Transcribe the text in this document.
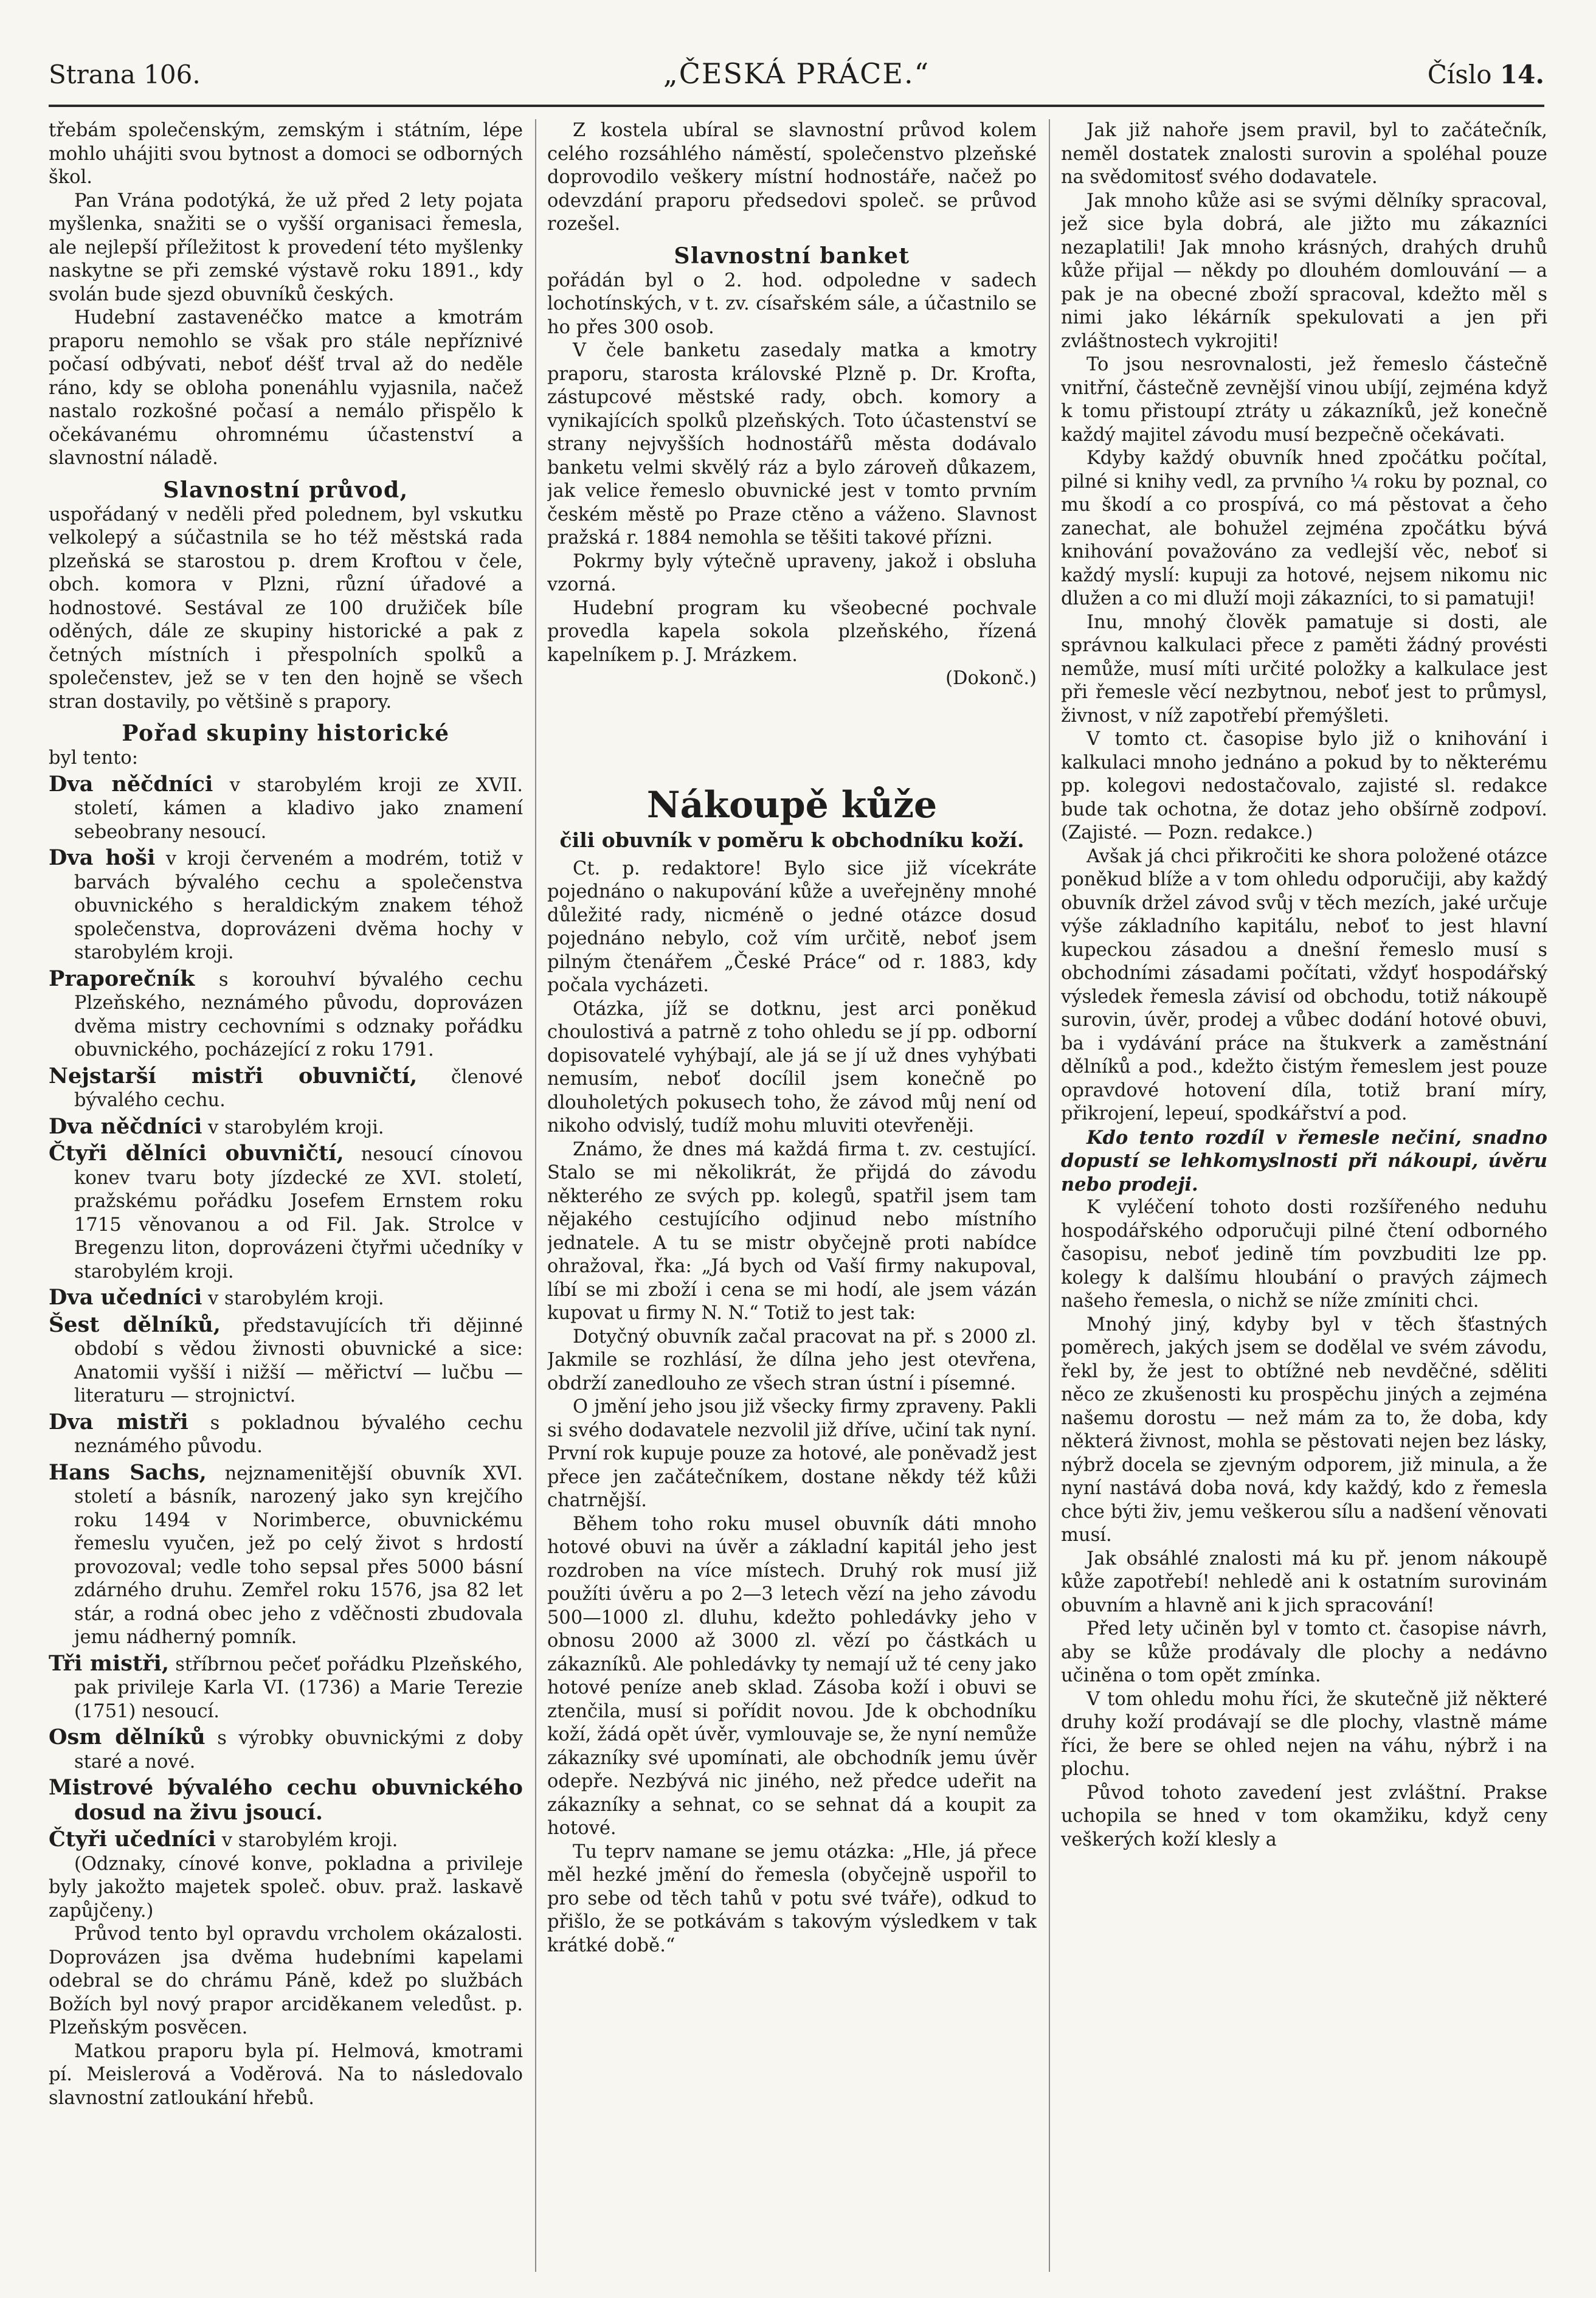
Strana 106.	„ČESKÁ PRÁCE.“	Číslo 14.

třebám společenským, zemským i státním, lépe mohlo uhájiti svou bytnost a domoci se odborných škol.

Pan Vrána podotýká, že už před 2 lety pojata myšlenka, snažiti se o vyšší organisaci řemesla, ale nejlepší příležitost k provedení této myšlenky naskytne se při zemské výstavě roku 1891., kdy svolán bude sjezd obuvníků českých.

Hudební zastavenéčko matce a kmotrám praporu nemohlo se však pro stále nepříznivé počasí odbývati, neboť déšť trval až do neděle ráno, kdy se obloha ponenáhlu vyjasnila, načež nastalo rozkošné počasí a nemálo přispělo k očekávanému ohromnému účastenství a slavnostní náladě.

Slavnostní průvod,

uspořádaný v neděli před polednem, byl vskutku velkolepý a súčastnila se ho též městská rada plzeňská se starostou p. drem Kroftou v čele, obch. komora v Plzni, různí úřadové a hodnostové. Sestával ze 100 družiček bíle oděných, dále ze skupiny historické a pak z četných místních i přespolních spolků a společenstev, jež se v ten den hojně se všech stran dostavily, po většině s prapory.

Pořad skupiny historické

byl tento:

Dva něčdníci v starobylém kroji ze XVII. století, kámen a kladivo jako znamení sebeobrany nesoucí.

Dva hoši v kroji červeném a modrém, totiž v barvách bývalého cechu a společenstva obuvnického s heraldickým znakem téhož společenstva, doprovázeni dvěma hochy v starobylém kroji.

Praporečník s korouhví bývalého cechu Plzeňského, neznámého původu, doprovázen dvěma mistry cechovními s odznaky pořádku obuvnického, pocházející z roku 1791.

Nejstarší mistři obuvničtí, členové bývalého cechu.

Dva něčdníci v starobylém kroji.

Čtyři dělníci obuvničtí, nesoucí cínovou konev tvaru boty jízdecké ze XVI. století, pražskému pořádku Josefem Ernstem roku 1715 věnovanou a od Fil. Jak. Strolce v Bregenzu liton, doprovázeni čtyřmi učedníky v starobylém kroji.

Dva učedníci v starobylém kroji.

Šest dělníků, představujících tři dějinné období s vědou živnosti obuvnické a sice: Anatomii vyšší i nižší — měřictví — lučbu — literaturu — strojnictví.

Dva mistři s pokladnou bývalého cechu neznámého původu.

Hans Sachs, nejznamenitější obuvník XVI. století a básník, narozený jako syn krejčího roku 1494 v Norimberce, obuvnickému řemeslu vyučen, jež po celý život s hrdostí provozoval; vedle toho sepsal přes 5000 básní zdárného druhu. Zemřel roku 1576, jsa 82 let stár, a rodná obec jeho z vděčnosti zbudovala jemu nádherný pomník.

Tři mistři, stříbrnou pečeť pořádku Plzeňského, pak privileje Karla VI. (1736) a Marie Terezie (1751) nesoucí.

Osm dělníků s výrobky obuvnickými z doby staré a nové.

Mistrové bývalého cechu obuvnického dosud na živu jsoucí.

Čtyři učedníci v starobylém kroji.

(Odznaky, cínové konve, pokladna a privileje byly jakožto majetek společ. obuv. praž. laskavě zapůjčeny.)

Průvod tento byl opravdu vrcholem okázalosti. Doprovázen jsa dvěma hudebními kapelami odebral se do chrámu Páně, kdež po službách Božích byl nový prapor arciděkanem veledůst. p. Plzeňským posvěcen.

Matkou praporu byla pí. Helmová, kmotrami pí. Meislerová a Voděrová. Na to následovalo slavnostní zatloukání hřebů.

Z kostela ubíral se slavnostní průvod kolem celého rozsáhlého náměstí, společenstvo plzeňské doprovodilo veškery místní hodnostáře, načež po odevzdání praporu předsedovi společ. se průvod rozešel.

Slavnostní banket

pořádán byl o 2. hod. odpoledne v sadech lochotínských, v t. zv. císařském sále, a účastnilo se ho přes 300 osob.

V čele banketu zasedaly matka a kmotry praporu, starosta královské Plzně p. Dr. Krofta, zástupcové městské rady, obch. komory a vynikajících spolků plzeňských. Toto účastenství se strany nejvyšších hodnostářů města dodávalo banketu velmi skvělý ráz a bylo zároveň důkazem, jak velice řemeslo obuvnické jest v tomto prvním českém městě po Praze ctěno a váženo. Slavnost pražská r. 1884 nemohla se těšiti takové přízni.

Pokrmy byly výtečně upraveny, jakož i obsluha vzorná.

Hudební program ku všeobecné pochvale provedla kapela sokola plzeňského, řízená kapelníkem p. J. Mrázkem.

(Dokonč.)

Nákoupě kůže
čili obuvník v poměru k obchodníku koží.

Ct. p. redaktore! Bylo sice již vícekráte pojednáno o nakupování kůže a uveřejněny mnohé důležité rady, nicméně o jedné otázce dosud pojednáno nebylo, což vím určitě, neboť jsem pilným čtenářem „České Práce“ od r. 1883, kdy počala vycházeti.

Otázka, jíž se dotknu, jest arci poněkud choulostivá a patrně z toho ohledu se jí pp. odborní dopisovatelé vyhýbají, ale já se jí už dnes vyhýbati nemusím, neboť docílil jsem konečně po dlouholetých pokusech toho, že závod můj není od nikoho odvislý, tudíž mohu mluviti otevřeněji.

Známo, že dnes má každá firma t. zv. cestující. Stalo se mi několikrát, že přijdá do závodu některého ze svých pp. kolegů, spatřil jsem tam nějakého cestujícího odjinud nebo místního jednatele. A tu se mistr obyčejně proti nabídce ohražoval, řka: „Já bych od Vaší firmy nakupoval, líbí se mi zboží i cena se mi hodí, ale jsem vázán kupovat u firmy N. N.“ Totiž to jest tak:

Dotyčný obuvník začal pracovat na př. s 2000 zl. Jakmile se rozhlásí, že dílna jeho jest otevřena, obdrží zanedlouho ze všech stran ústní i písemné.

O jmění jeho jsou již všecky firmy zpraveny. Pakli si svého dodavatele nezvolil již dříve, učiní tak nyní. První rok kupuje pouze za hotové, ale poněvadž jest přece jen začátečníkem, dostane někdy též kůži chatrnější.

Během toho roku musel obuvník dáti mnoho hotové obuvi na úvěr a základní kapitál jeho jest rozdroben na více místech. Druhý rok musí již použíti úvěru a po 2—3 letech vězí na jeho závodu 500—1000 zl. dluhu, kdežto pohledávky jeho v obnosu 2000 až 3000 zl. vězí po částkách u zákazníků. Ale pohledávky ty nemají už té ceny jako hotové peníze aneb sklad. Zásoba koží i obuvi se ztenčila, musí si pořídit novou. Jde k obchodníku koží, žádá opět úvěr, vymlouvaje se, že nyní nemůže zákazníky své upomínati, ale obchodník jemu úvěr odepře. Nezbývá nic jiného, než předce udeřit na zákazníky a sehnat, co se sehnat dá a koupit za hotové.

Tu teprv namane se jemu otázka: „Hle, já přece měl hezké jmění do řemesla (obyčejně uspořil to pro sebe od těch tahů v potu své tváře), odkud to přišlo, že se potkávám s takovým výsledkem v tak krátké době.“

Jak již nahoře jsem pravil, byl to začátečník, neměl dostatek znalosti surovin a spoléhal pouze na svědomitosť svého dodavatele.

Jak mnoho kůže asi se svými dělníky spracoval, jež sice byla dobrá, ale jižto mu zákazníci nezaplatili! Jak mnoho krásných, drahých druhů kůže přijal — někdy po dlouhém domlouvání — a pak je na obecné zboží spracoval, kdežto měl s nimi jako lékárník spekulovati a jen při zvláštnostech vykrojiti!

To jsou nesrovnalosti, jež řemeslo částečně vnitřní, částečně zevnější vinou ubíjí, zejména když k tomu přistoupí ztráty u zákazníků, jež konečně každý majitel závodu musí bezpečně očekávati.

Kdyby každý obuvník hned zpočátku počítal, pilné si knihy vedl, za prvního ¼ roku by poznal, co mu škodí a co prospívá, co má pěstovat a čeho zanechat, ale bohužel zejména zpočátku bývá knihování považováno za vedlejší věc, neboť si každý myslí: kupuji za hotové, nejsem nikomu nic dlužen a co mi dluží moji zákazníci, to si pamatuji!

Inu, mnohý člověk pamatuje si dosti, ale správnou kalkulaci přece z paměti žádný provésti nemůže, musí míti určité položky a kalkulace jest při řemesle věcí nezbytnou, neboť jest to průmysl, živnost, v níž zapotřebí přemýšleti.

V tomto ct. časopise bylo již o knihování i kalkulaci mnoho jednáno a pokud by to některému pp. kolegovi nedostačovalo, zajisté sl. redakce bude tak ochotna, že dotaz jeho obšírně zodpoví. (Zajisté. — Pozn. redakce.)

Avšak já chci přikročiti ke shora položené otázce poněkud blíže a v tom ohledu odporučiji, aby každý obuvník držel závod svůj v těch mezích, jaké určuje výše základního kapitálu, neboť to jest hlavní kupeckou zásadou a dnešní řemeslo musí s obchodními zásadami počítati, vždyť hospodářský výsledek řemesla závisí od obchodu, totiž nákoupě surovin, úvěr, prodej a vůbec dodání hotové obuvi, ba i vydávání práce na štukverk a zaměstnání dělníků a pod., kdežto čistým řemeslem jest pouze opravdové hotovení díla, totiž braní míry, přikrojení, lepeuí, spodkářství a pod.

Kdo tento rozdíl v řemesle nečiní, snadno dopustí se lehkomyslnosti při nákoupi, úvěru nebo prodeji.

K vyléčení tohoto dosti rozšířeného neduhu hospodářského odporučuji pilné čtení odborného časopisu, neboť jedině tím povzbuditi lze pp. kolegy k dalšímu hloubání o pravých zájmech našeho řemesla, o nichž se níže zmíniti chci.

Mnohý jiný, kdyby byl v těch šťastných poměrech, jakých jsem se dodělal ve svém závodu, řekl by, že jest to obtížné neb nevděčné, sděliti něco ze zkušenosti ku prospěchu jiných a zejména našemu dorostu — než mám za to, že doba, kdy některá živnost, mohla se pěstovati nejen bez lásky, nýbrž docela se zjevným odporem, již minula, a že nyní nastává doba nová, kdy každý, kdo z řemesla chce býti živ, jemu veškerou sílu a nadšení věnovati musí.

Jak obsáhlé znalosti má ku př. jenom nákoupě kůže zapotřebí! nehledě ani k ostatním surovinám obuvním a hlavně ani k jich spracování!

Před lety učiněn byl v tomto ct. časopise návrh, aby se kůže prodávaly dle plochy a nedávno učiněna o tom opět zmínka.

V tom ohledu mohu říci, že skutečně již některé druhy koží prodávají se dle plochy, vlastně máme říci, že bere se ohled nejen na váhu, nýbrž i na plochu.

Původ tohoto zavedení jest zvláštní. Prakse uchopila se hned v tom okamžiku, když ceny veškerých koží klesly a
